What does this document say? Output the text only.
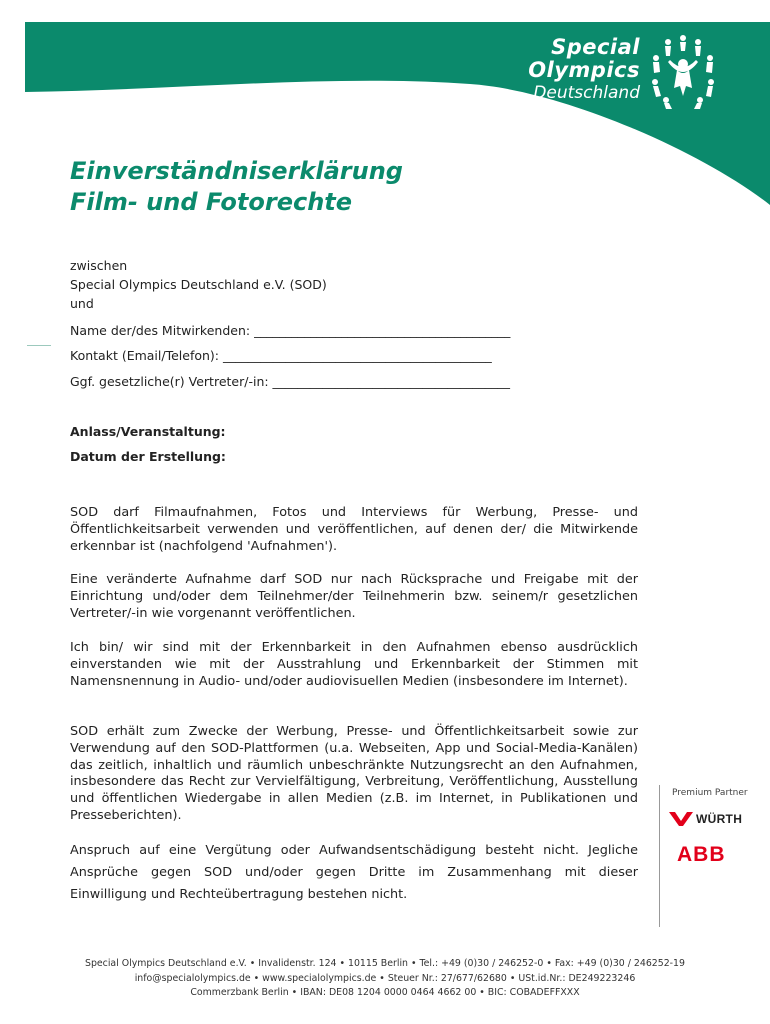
Special
Olympics
Deutschland
Einverständniserklärung
Film- und Fotorechte
zwischen
Special Olympics Deutschland e.V. (SOD)
und
Name der/des Mitwirkenden: _________________________________________
Kontakt (Email/Telefon): ___________________________________________
Ggf. gesetzliche(r) Vertreter/-in: ______________________________________
Anlass/Veranstaltung:
Datum der Erstellung:
SOD darf Filmaufnahmen, Fotos und Interviews für Werbung, Presse- und Öffentlichkeitsarbeit verwenden und veröffentlichen, auf denen der/ die Mitwirkende erkennbar ist (nachfolgend 'Aufnahmen').
Eine veränderte Aufnahme darf SOD nur nach Rücksprache und Freigabe mit der Einrichtung und/oder dem Teilnehmer/der Teilnehmerin bzw. seinem/r gesetzlichen Vertreter/-in wie vorgenannt veröffentlichen.
Ich bin/ wir sind mit der Erkennbarkeit in den Aufnahmen ebenso ausdrücklich einverstanden wie mit der Ausstrahlung und Erkennbarkeit der Stimmen mit Namensnennung in Audio- und/oder audiovisuellen Medien (insbesondere im Internet).
SOD erhält zum Zwecke der Werbung, Presse- und Öffentlichkeitsarbeit sowie zur Verwendung auf den SOD-Plattformen (u.a. Webseiten, App und Social-Media-Kanälen) das zeitlich, inhaltlich und räumlich unbeschränkte Nutzungsrecht an den Aufnahmen, insbesondere das Recht zur Vervielfältigung, Verbreitung, Veröffentlichung, Ausstellung und öffentlichen Wiedergabe in allen Medien (z.B. im Internet, in Publikationen und Presseberichten).
Anspruch auf eine Vergütung oder Aufwandsentschädigung besteht nicht. Jegliche Ansprüche gegen SOD und/oder gegen Dritte im Zusammenhang mit dieser Einwilligung und Rechteübertragung bestehen nicht.
Premium Partner
WÜRTH
ABB
Special Olympics Deutschland e.V. • Invalidenstr. 124 • 10115 Berlin • Tel.: +49 (0)30 / 246252-0 • Fax: +49 (0)30 / 246252-19
info@specialolympics.de • www.specialolympics.de • Steuer Nr.: 27/677/62680 • USt.id.Nr.: DE249223246
Commerzbank Berlin • IBAN: DE08 1204 0000 0464 4662 00 • BIC: COBADEFFXXX
